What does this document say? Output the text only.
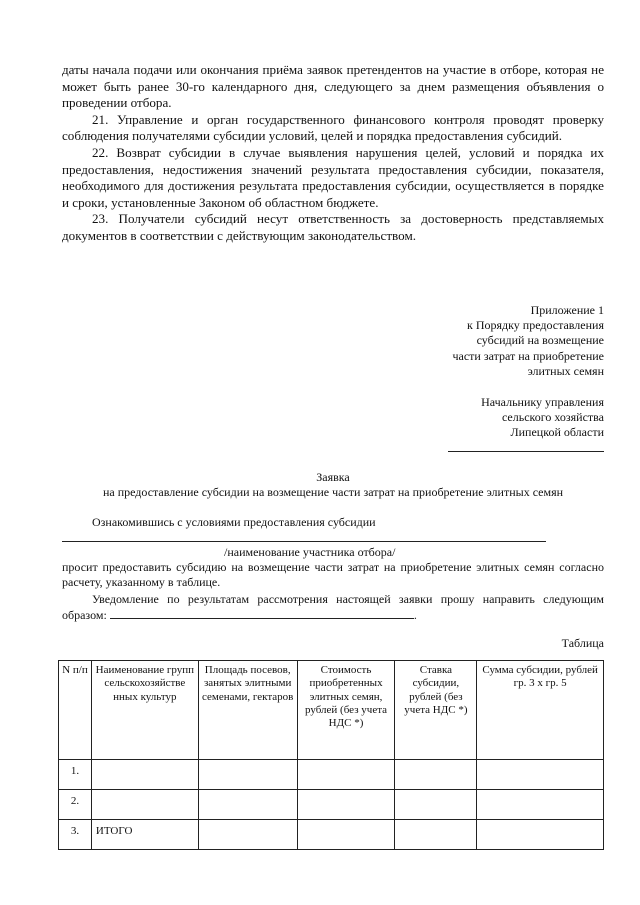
даты начала подачи или окончания приёма заявок претендентов на участие в отборе, которая не может быть ранее 30-го календарного дня, следующего за днем размещения объявления о проведении отбора.

21. Управление и орган государственного финансового контроля проводят проверку соблюдения получателями субсидии условий, целей и порядка предоставления субсидий.

22. Возврат субсидии в случае выявления нарушения целей, условий и порядка их предоставления, недостижения значений результата предоставления субсидии, показателя, необходимого для достижения результата предоставления субсидии, осуществляется в порядке и сроки, установленные Законом об областном бюджете.

23. Получатели субсидий несут ответственность за достоверность представляемых документов в соответствии с действующим законодательством.

Приложение 1
к Порядку предоставления
субсидий на возмещение
части затрат на приобретение
элитных семян
Начальнику управления
сельского хозяйства
Липецкой области
Заявка
на предоставление субсидии на возмещение части затрат на приобретение элитных семян
Ознакомившись с условиями предоставления субсидии
/наименование участника отбора/

просит предоставить субсидию на возмещение части затрат на приобретение элитных семян согласно расчету, указанному в таблице.

Уведомление по результатам рассмотрения настоящей заявки прошу направить следующим образом:	.

Таблица
N п/п	Наименование групп сельскохозяйстве нных культур	Площадь посевов, занятых элитными семенами, гектаров	Стоимость приобретенных элитных семян, рублей (без учета НДС *)	Ставка субсидии, рублей (без учета НДС *)	Сумма субсидии, рублей гр. 3 х гр. 5
1.					
2.					
3.	ИТОГО				
